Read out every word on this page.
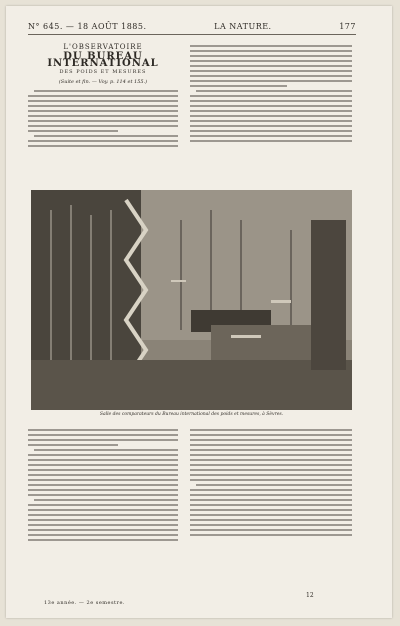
N° 645. — 18 AOÛT 1885.	LA NATURE.	177
L'OBSERVATOIRE
DU BUREAU INTERNATIONAL
DES POIDS ET MESURES
(Suite et fin. — Voy. p. 114 et 155.)
Salle des comparateurs du Bureau international des poids et mesures, à Sèvres.
13e année. — 2e semestre.
12
